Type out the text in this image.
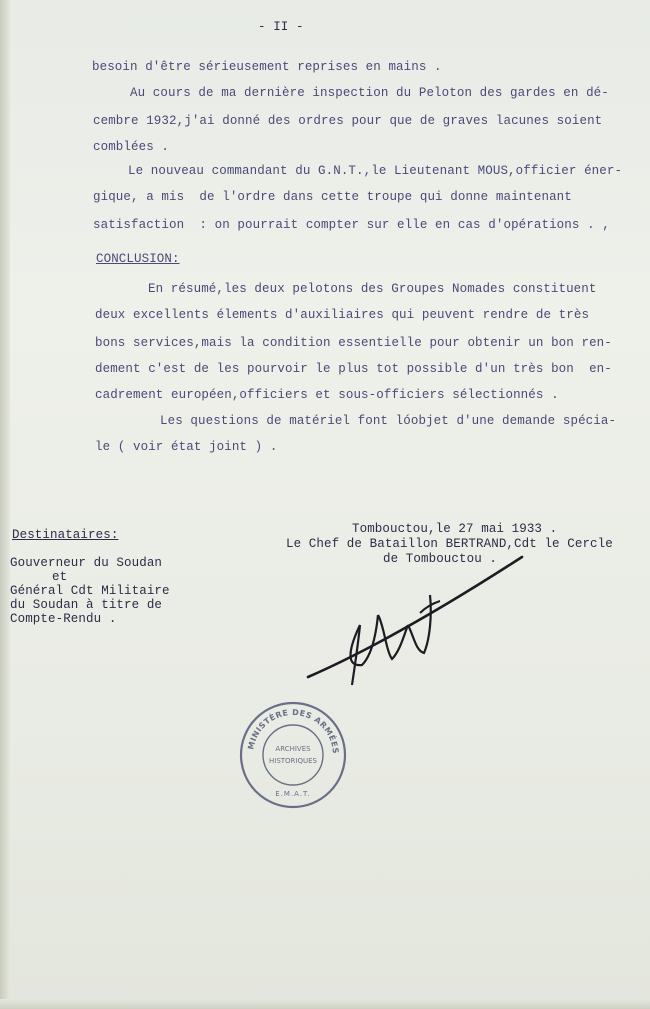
- II -
besoin d'être sérieusement reprises en mains .
Au cours de ma dernière inspection du Peloton des gardes en dé-
cembre 1932,j'ai donné des ordres pour que de graves lacunes soient
comblées .
Le nouveau commandant du G.N.T.,le Lieutenant MOUS,officier éner-
gique, a mis  de l'ordre dans cette troupe qui donne maintenant
satisfaction  : on pourrait compter sur elle en cas d'opérations . ,
CONCLUSION:
En résumé,les deux pelotons des Groupes Nomades constituent
deux excellents élements d'auxiliaires qui peuvent rendre de très
bons services,mais la condition essentielle pour obtenir un bon ren-
dement c'est de les pourvoir le plus tot possible d'un très bon  en-
cadrement européen,officiers et sous-officiers sélectionnés .
Les questions de matériel font lóobjet d'une demande spécia-
le ( voir état joint ) .
Destinataires:
Gouverneur du Soudan
et
Général Cdt Militaire
du Soudan à titre de
Compte-Rendu .
Tombouctou,le 27 mai 1933 .
Le Chef de Bataillon BERTRAND,Cdt le Cercle
de Tombouctou .
MINISTÈRE DES ARMÉES
ARCHIVES
HISTORIQUES
E.M.A.T.
